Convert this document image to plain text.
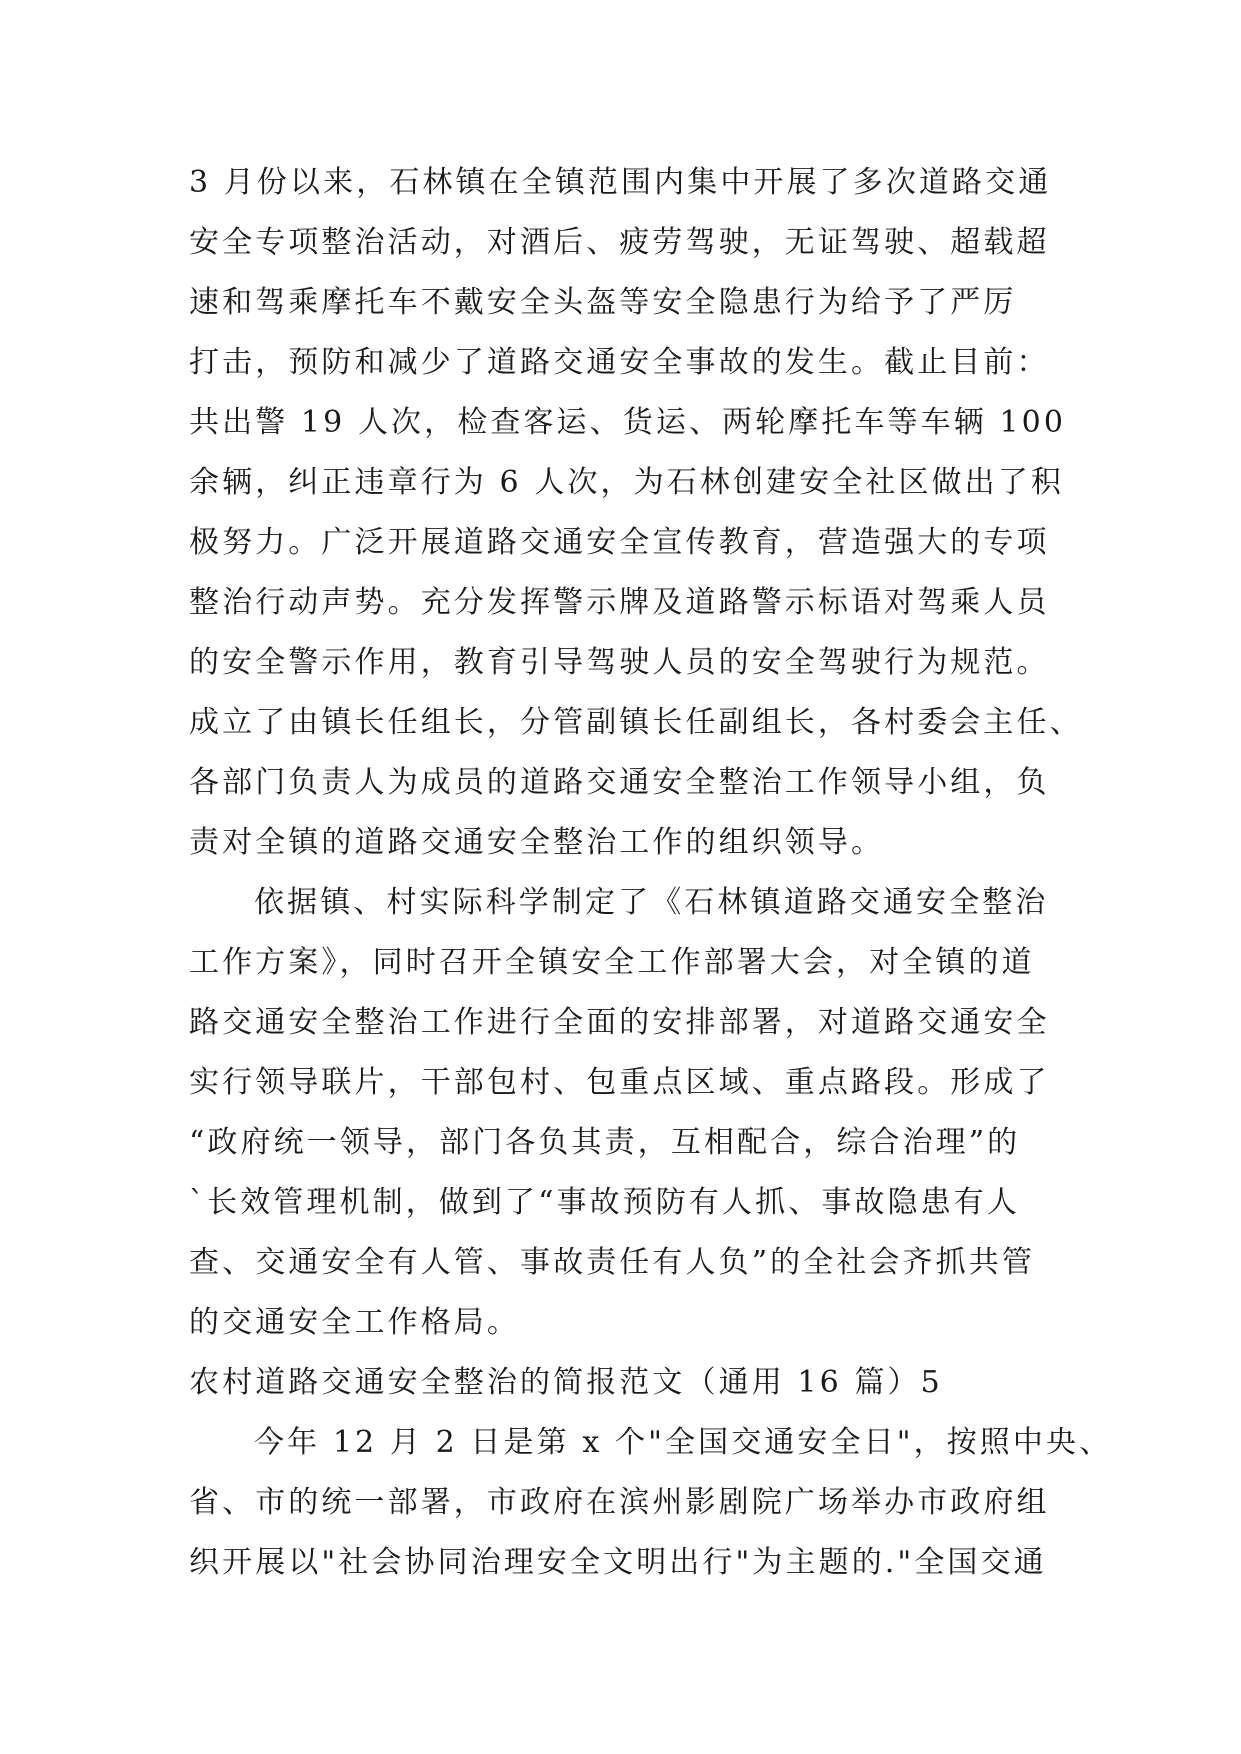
3 月份以来，石林镇在全镇范围内集中开展了多次道路交通
安全专项整治活动，对酒后、疲劳驾驶，无证驾驶、超载超
速和驾乘摩托车不戴安全头盔等安全隐患行为给予了严厉
打击，预防和减少了道路交通安全事故的发生。截止目前：
共出警 19 人次，检查客运、货运、两轮摩托车等车辆 100
余辆，纠正违章行为 6 人次，为石林创建安全社区做出了积
极努力。广泛开展道路交通安全宣传教育，营造强大的专项
整治行动声势。充分发挥警示牌及道路警示标语对驾乘人员
的安全警示作用，教育引导驾驶人员的安全驾驶行为规范。
成立了由镇长任组长，分管副镇长任副组长，各村委会主任、
各部门负责人为成员的道路交通安全整治工作领导小组，负
责对全镇的道路交通安全整治工作的组织领导。
依据镇、村实际科学制定了《石林镇道路交通安全整治
工作方案》，同时召开全镇安全工作部署大会，对全镇的道
路交通安全整治工作进行全面的安排部署，对道路交通安全
实行领导联片，干部包村、包重点区域、重点路段。形成了
“政府统一领导，部门各负其责，互相配合，综合治理”的
`长效管理机制，做到了“事故预防有人抓、事故隐患有人
查、交通安全有人管、事故责任有人负”的全社会齐抓共管
的交通安全工作格局。
农村道路交通安全整治的简报范文（通用 16 篇）5
今年 12 月 2 日是第 x 个"全国交通安全日"，按照中央、
省、市的统一部署，市政府在滨州影剧院广场举办市政府组
织开展以"社会协同治理安全文明出行"为主题的."全国交通
